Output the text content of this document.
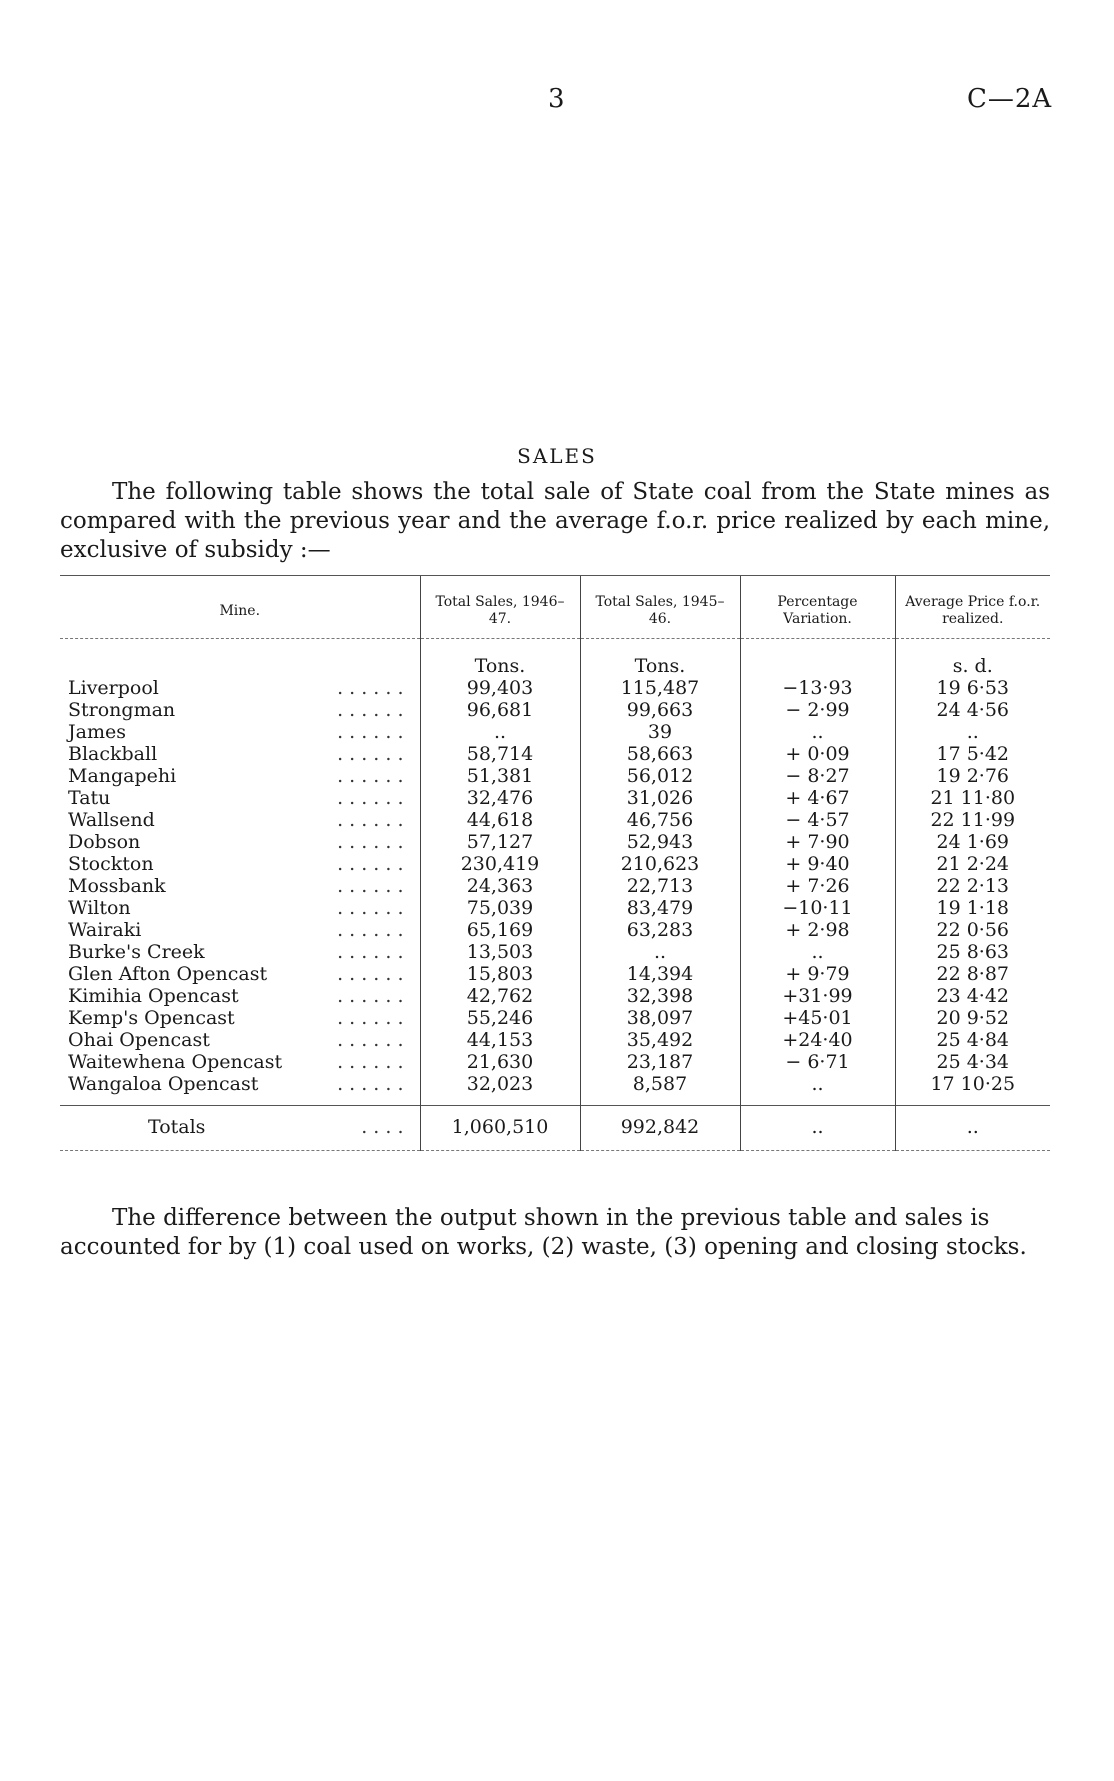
3	C—2A
SALES
The following table shows the total sale of State coal from the State mines as compared with the previous year and the average f.o.r. price realized by each mine, exclusive of subsidy :—
Mine.	Total Sales, 1946–47.	Total Sales, 1945–46.	Percentage Variation.	Average Price f.o.r. realized.
	Tons.	Tons.		s. d.

Liverpool . . . . . .	99,403	115,487	−13·93	19 6·53

Strongman . . . . . .	96,681	99,663	− 2·99	24 4·56

James . . . . . .	..	39	..	..

Blackball . . . . . .	58,714	58,663	+ 0·09	17 5·42

Mangapehi . . . . . .	51,381	56,012	− 8·27	19 2·76

Tatu . . . . . .	32,476	31,026	+ 4·67	21 11·80

Wallsend . . . . . .	44,618	46,756	− 4·57	22 11·99

Dobson . . . . . .	57,127	52,943	+ 7·90	24 1·69

Stockton . . . . . .	230,419	210,623	+ 9·40	21 2·24

Mossbank . . . . . .	24,363	22,713	+ 7·26	22 2·13

Wilton . . . . . .	75,039	83,479	−10·11	19 1·18

Wairaki . . . . . .	65,169	63,283	+ 2·98	22 0·56

Burke's Creek . . . . . .	13,503	..	..	25 8·63

Glen Afton Opencast . . . . . .	15,803	14,394	+ 9·79	22 8·87

Kimihia Opencast . . . . . .	42,762	32,398	+31·99	23 4·42

Kemp's Opencast . . . . . .	55,246	38,097	+45·01	20 9·52

Ohai Opencast . . . . . .	44,153	35,492	+24·40	25 4·84

Waitewhena Opencast . . . . . .	21,630	23,187	− 6·71	25 4·34

Wangaloa Opencast . . . . . .	32,023	8,587	..	17 10·25

Totals . . . .	1,060,510	992,842	..	..

The difference between the output shown in the previous table and sales is accounted for by (1) coal used on works, (2) waste, (3) opening and closing stocks.
